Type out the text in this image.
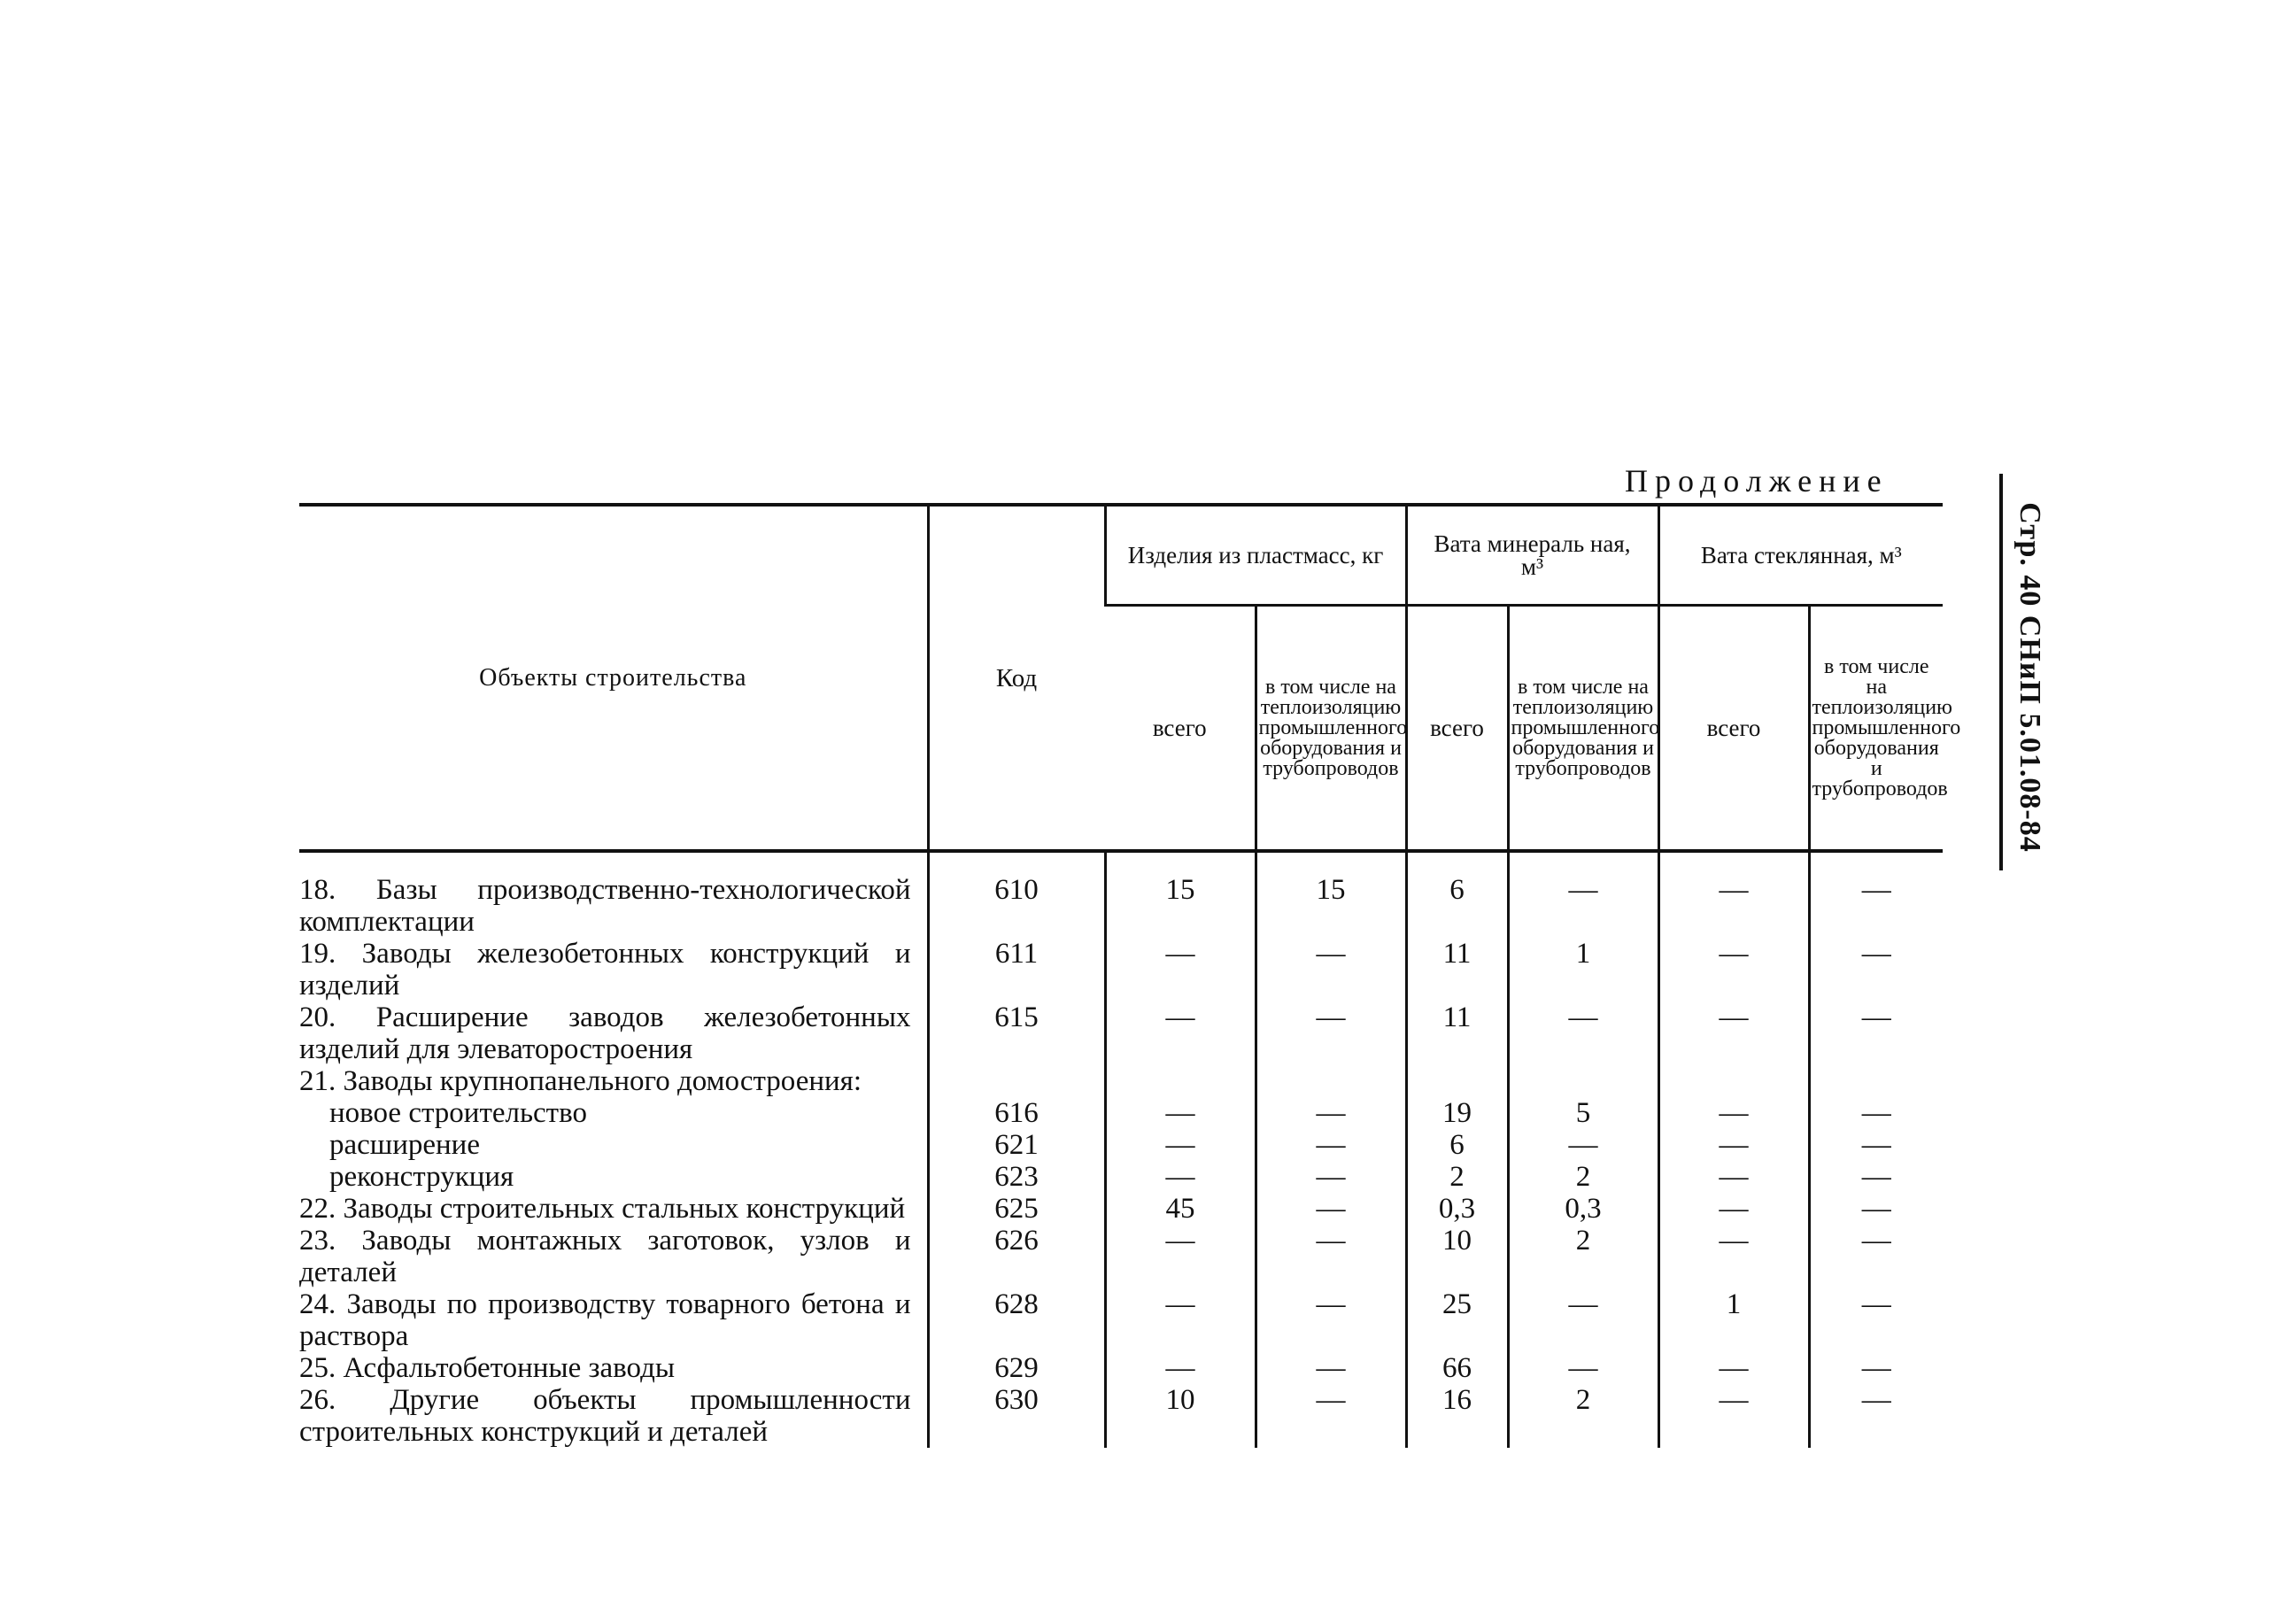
Продолжение
Стр. 40 СНиП 5.01.08-84
Объекты строительства	Код	Изделия из пластмасс, кг		Вата минераль ная, м³		Вата стеклянная, м³	
		всего	в том числе на теплоизоляцию промышленного оборудования и трубопроводов	всего	в том числе на теплоизоляцию промышленного оборудования и трубопроводов	всего	в том числе на теплоизоляцию промышленного оборудования и трубопроводов
18. Базы производственно-технологической комплектации	610	15	15	6	—	—	—
19. Заводы железобетонных конструкций и изделий	611	—	—	11	1	—	—
20. Расширение заводов железобетонных изделий для элеваторостроения	615	—	—	11	—	—	—
21. Заводы крупнопанельного домостроения:							
новое строительство	616	—	—	19	5	—	—
расширение	621	—	—	6	—	—	—
реконструкция	623	—	—	2	2	—	—
22. Заводы строительных стальных конструкций	625	45	—	0,3	0,3	—	—
23. Заводы монтажных заготовок, узлов и деталей	626	—	—	10	2	—	—
24. Заводы по производству товарного бетона и раствора	628	—	—	25	—	1	—
25. Асфальтобетонные заводы	629	—	—	66	—	—	—
26. Другие объекты промышленности строительных конструкций и деталей	630	10	—	16	2	—	—
